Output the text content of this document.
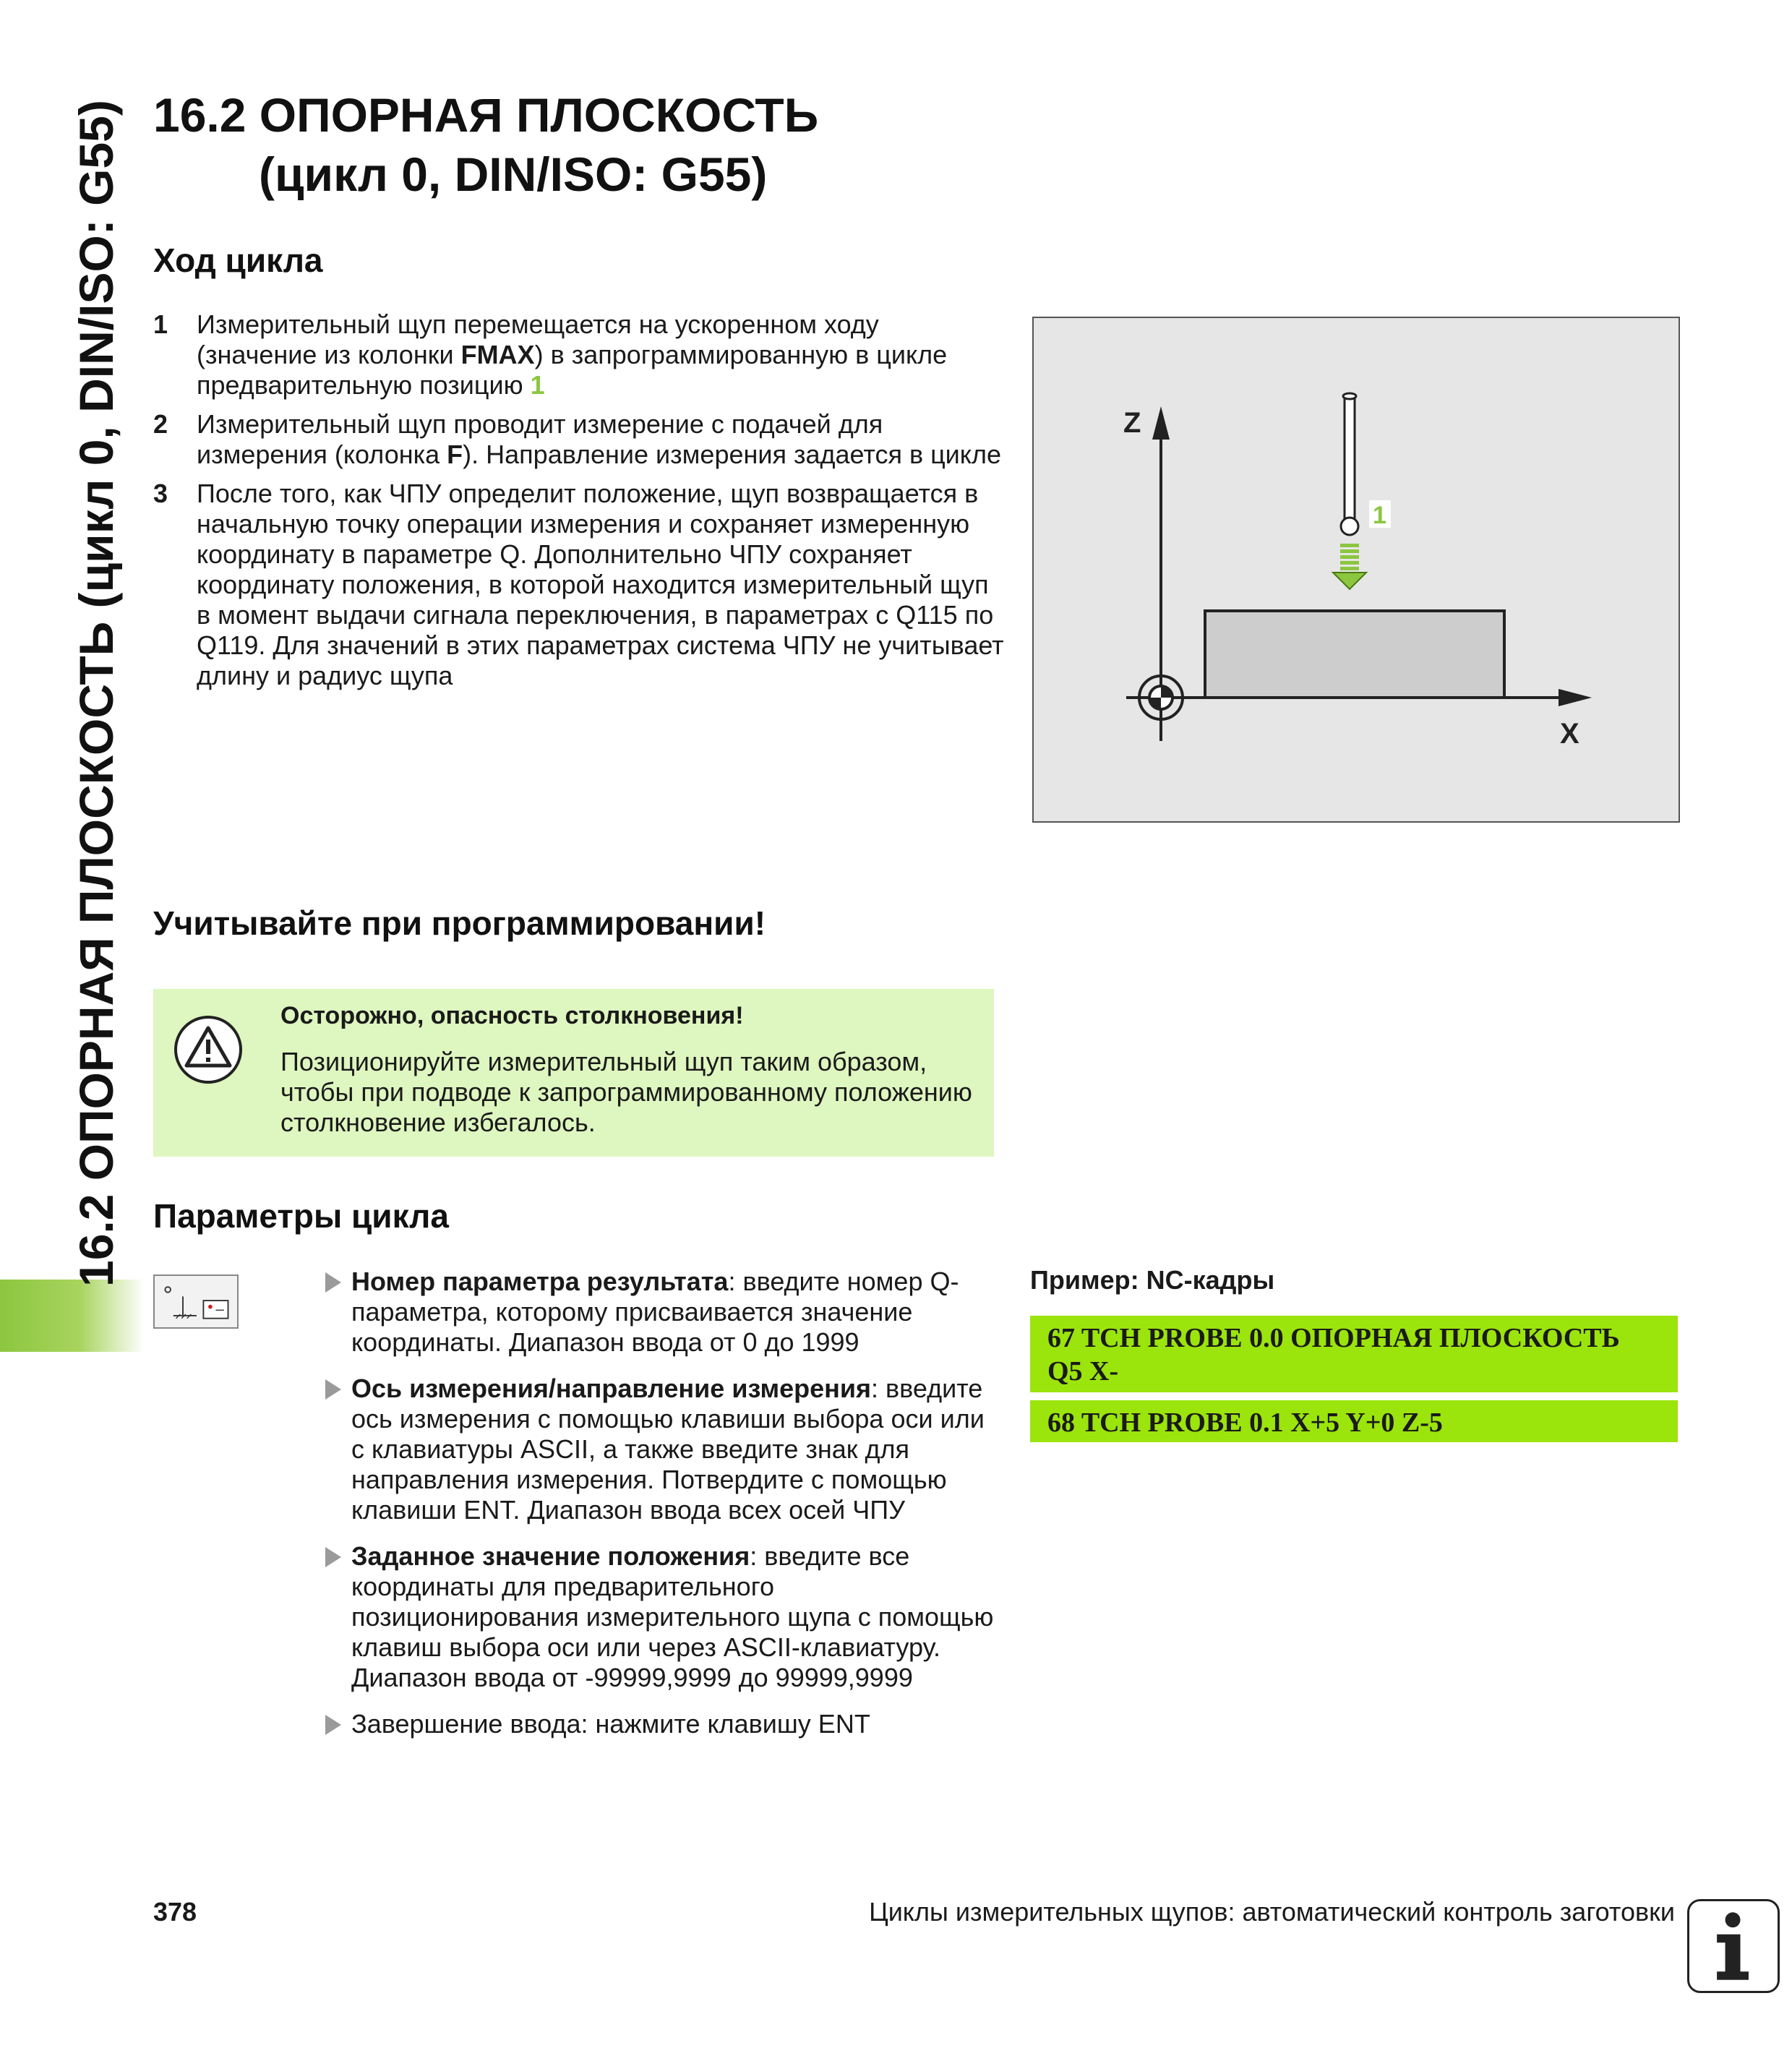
16.2 ОПОРНАЯ ПЛОСКОСТЬ (цикл 0, DIN/ISO: G55) 16.2 ОПОРНАЯ ПЛОСКОСТЬ
(цикл 0, DIN/ISO: G55)
Ход цикла
1	Измерительный щуп перемещается на ускоренном ходу (значение из колонки FMAX) в запрограммированную в цикле предварительную позицию 1
2	Измерительный щуп проводит измерение с подачей для измерения (колонка F). Направление измерения задается в цикле
3	После того, как ЧПУ определит положение, щуп возвращается в начальную точку операции измерения и сохраняет измеренную координату в параметре Q. Дополнительно ЧПУ сохраняет координату положения, в которой находится измерительный щуп в момент выдачи сигнала переключения, в параметрах с Q115 по Q119. Для значений в этих параметрах система ЧПУ не учитывает длину и радиус щупа
Z
X
1
Учитывайте при программировании!
Осторожно, опасность столкновения!
Позиционируйте измерительный щуп таким образом, чтобы при подводе к запрограммированному положению столкновение избегалось.
Параметры цикла
Номер параметра результата: введите номер Q-параметра, которому присваивается значение координаты. Диапазон ввода от 0 до 1999
Ось измерения/направление измерения: введите ось измерения с помощью клавиши выбора оси или с клавиатуры ASCII, а также введите знак для направления измерения. Потвердите с помощью клавиши ENT. Диапазон ввода всех осей ЧПУ
Заданное значение положения: введите все координаты для предварительного позиционирования измерительного щупа с помощью клавиш выбора оси или через ASCII-клавиатуру. Диапазон ввода от -99999,9999 до 99999,9999
Завершение ввода: нажмите клавишу ENT
Пример: NC-кадры
67 TCH PROBE 0.0 ОПОРНАЯ ПЛОСКОСТЬ
Q5 X-
68 TCH PROBE 0.1 X+5 Y+0 Z-5
378	Циклы измерительных щупов: автоматический контроль заготовки
